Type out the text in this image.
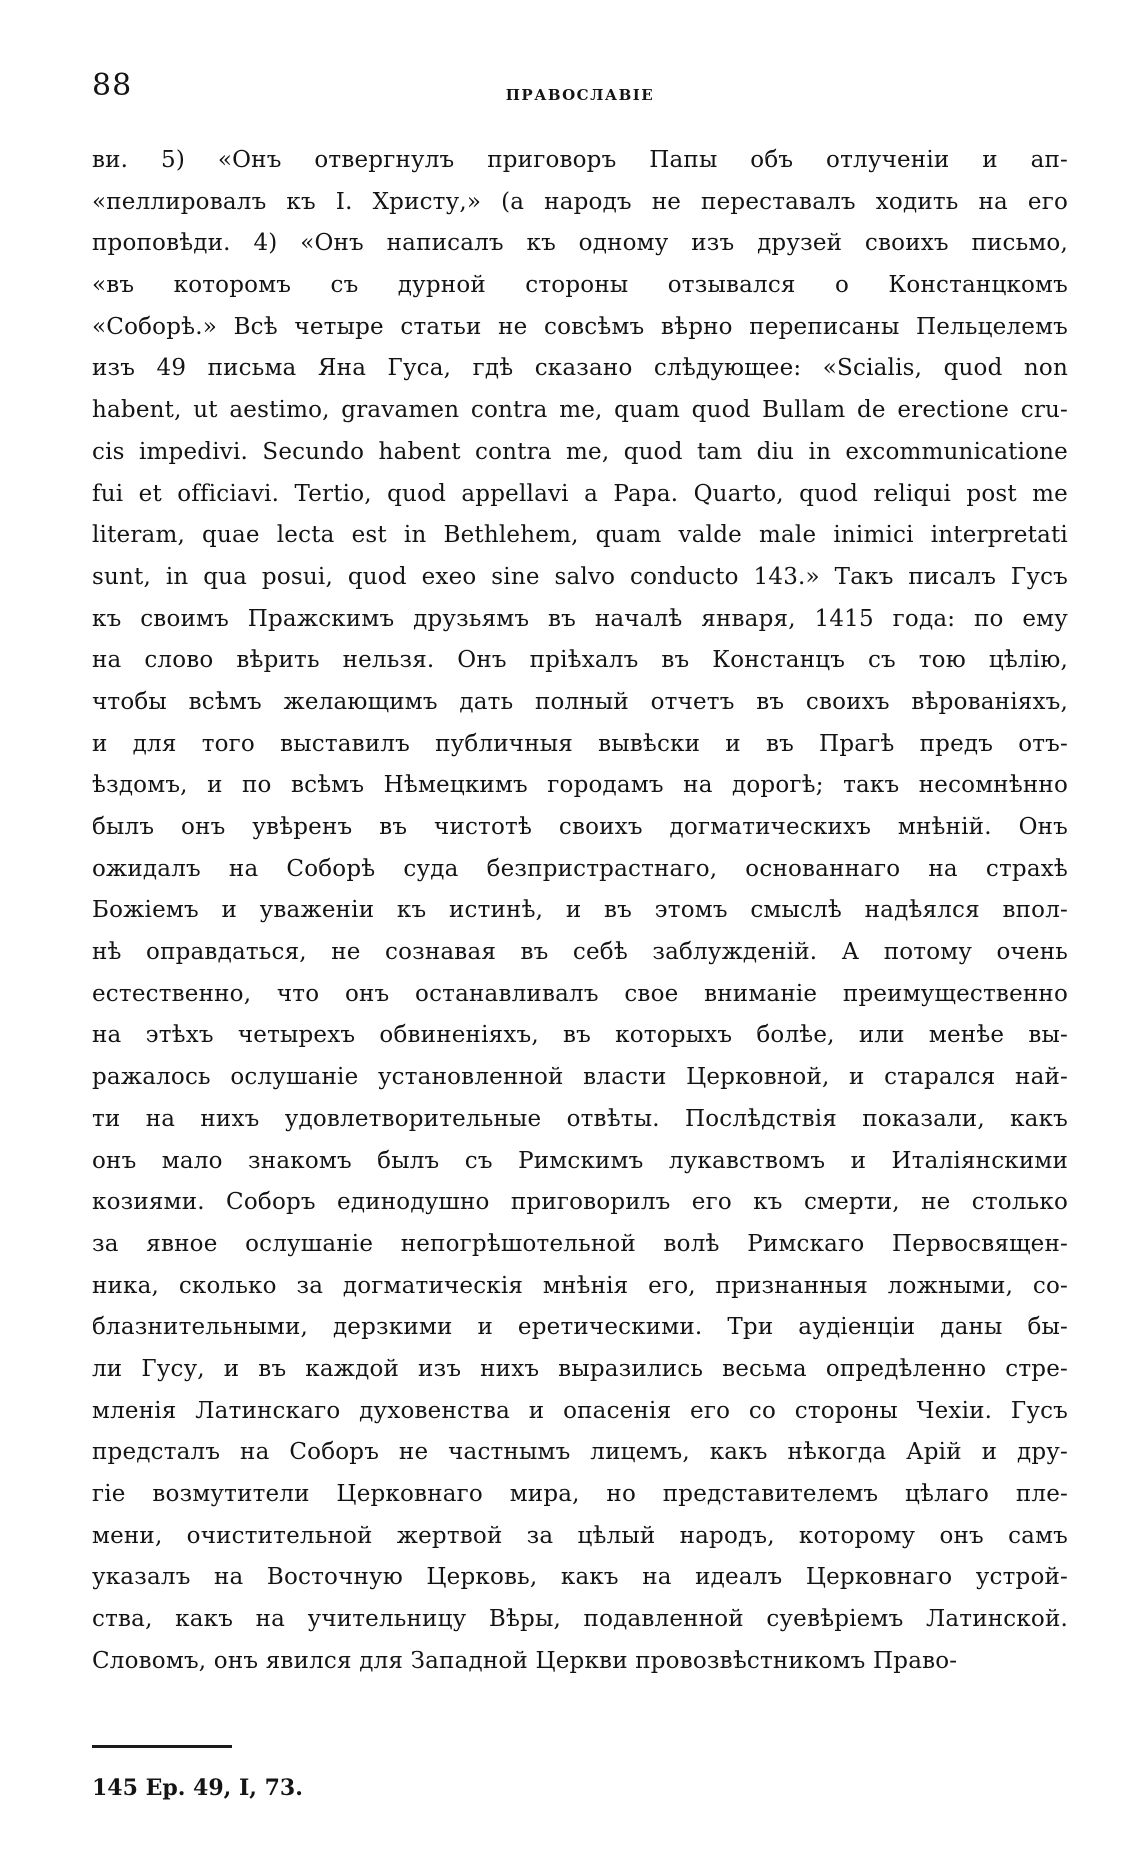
88	ПРАВОСЛАВІЕ
ви. 5) «Онъ отвергнулъ приговоръ Папы объ отлученіи и ап-
«пеллировалъ къ І. Христу,» (а народъ не переставалъ ходить на его
проповѣди. 4) «Онъ написалъ къ одному изъ друзей своихъ письмо,
«въ которомъ съ дурной стороны отзывался о Констанцкомъ
«Соборѣ.» Всѣ четыре статьи не совсѣмъ вѣрно переписаны Пельцелемъ
изъ 49 письма Яна Гуса, гдѣ сказано слѣдующее: «Scialis, quod non
habent, ut aestimo, gravamen contra me, quam quod Bullam de erectione cru-
cis impedivi. Secundo habent contra me, quod tam diu in excommunicatione
fui et officiavi. Tertio, quod appellavi a Papa. Quarto, quod reliqui post me
literam, quae lecta est in Bethlehem, quam valde male inimici interpretati
sunt, in qua posui, quod exeo sine salvo conducto 143.» Такъ писалъ Гусъ
къ своимъ Пражскимъ друзьямъ въ началѣ января, 1415 года: по ему
на слово вѣрить нельзя. Онъ пріѣхалъ въ Констанцъ съ тою цѣлію,
чтобы всѣмъ желающимъ дать полный отчетъ въ своихъ вѣрованіяхъ,
и для того выставилъ публичныя вывѣски и въ Прагѣ предъ отъ-
ѣздомъ, и по всѣмъ Нѣмецкимъ городамъ на дорогѣ; такъ несомнѣнно
былъ онъ увѣренъ въ чистотѣ своихъ догматическихъ мнѣній. Онъ
ожидалъ на Соборѣ суда безпристрастнаго, основаннаго на страхѣ
Божіемъ и уваженіи къ истинѣ, и въ этомъ смыслѣ надѣялся впол-
нѣ оправдаться, не сознавая въ себѣ заблужденій. А потому очень
естественно, что онъ останавливалъ свое вниманіе преимущественно
на этѣхъ четырехъ обвиненіяхъ, въ которыхъ болѣе, или менѣе вы-
ражалось ослушаніе установленной власти Церковной, и старался най-
ти на нихъ удовлетворительные отвѣты. Послѣдствія показали, какъ
онъ мало знакомъ былъ съ Римскимъ лукавствомъ и Италіянскими
козиями. Соборъ единодушно приговорилъ его къ смерти, не столько
за явное ослушаніе непогрѣшотельной волѣ Римскаго Первосвящен-
ника, сколько за догматическія мнѣнія его, признанныя ложными, со-
блазнительными, дерзкими и еретическими. Три аудіенціи даны бы-
ли Гусу, и въ каждой изъ нихъ выразились весьма опредѣленно стре-
мленія Латинскаго духовенства и опасенія его со стороны Чехіи. Гусъ
предсталъ на Соборъ не частнымъ лицемъ, какъ нѣкогда Арій и дру-
гіе возмутители Церковнаго мира, но представителемъ цѣлаго пле-
мени, очистительной жертвой за цѣлый народъ, которому онъ самъ
указалъ на Восточную Церковь, какъ на идеалъ Церковнаго устрой-
ства, какъ на учительницу Вѣры, подавленной суевѣріемъ Латинской.
Словомъ, онъ явился для Западной Церкви провозвѣстникомъ Право-
145 Ep. 49, I, 73.
